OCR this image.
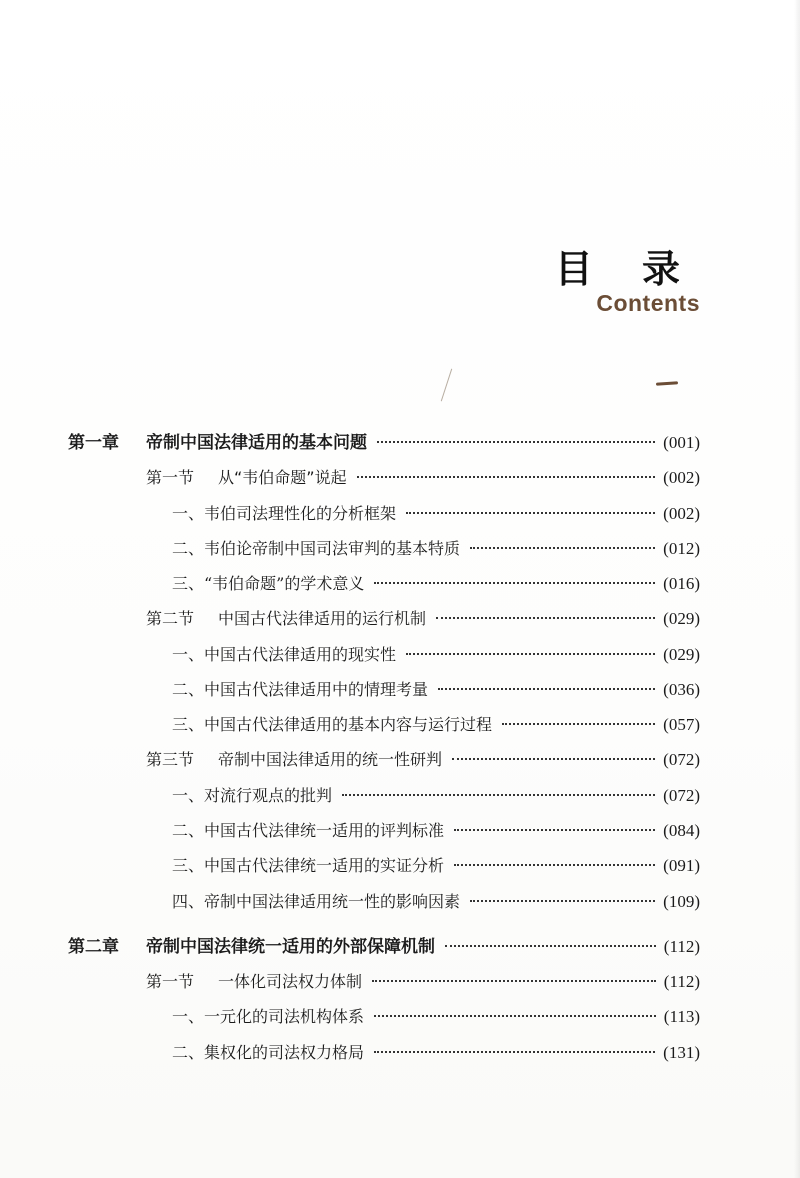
目 录
Contents
第一章 帝制中国法律适用的基本问题	(001)
第一节 从“韦伯命题”说起	(002)
一、韦伯司法理性化的分析框架	(002)
二、韦伯论帝制中国司法审判的基本特质	(012)
三、“韦伯命题”的学术意义	(016)
第二节 中国古代法律适用的运行机制	(029)
一、中国古代法律适用的现实性	(029)
二、中国古代法律适用中的情理考量	(036)
三、中国古代法律适用的基本内容与运行过程	(057)
第三节 帝制中国法律适用的统一性研判	(072)
一、对流行观点的批判	(072)
二、中国古代法律统一适用的评判标准	(084)
三、中国古代法律统一适用的实证分析	(091)
四、帝制中国法律适用统一性的影响因素	(109)
第二章 帝制中国法律统一适用的外部保障机制	(112)
第一节 一体化司法权力体制	(112)
一、一元化的司法机构体系	(113)
二、集权化的司法权力格局	(131)
